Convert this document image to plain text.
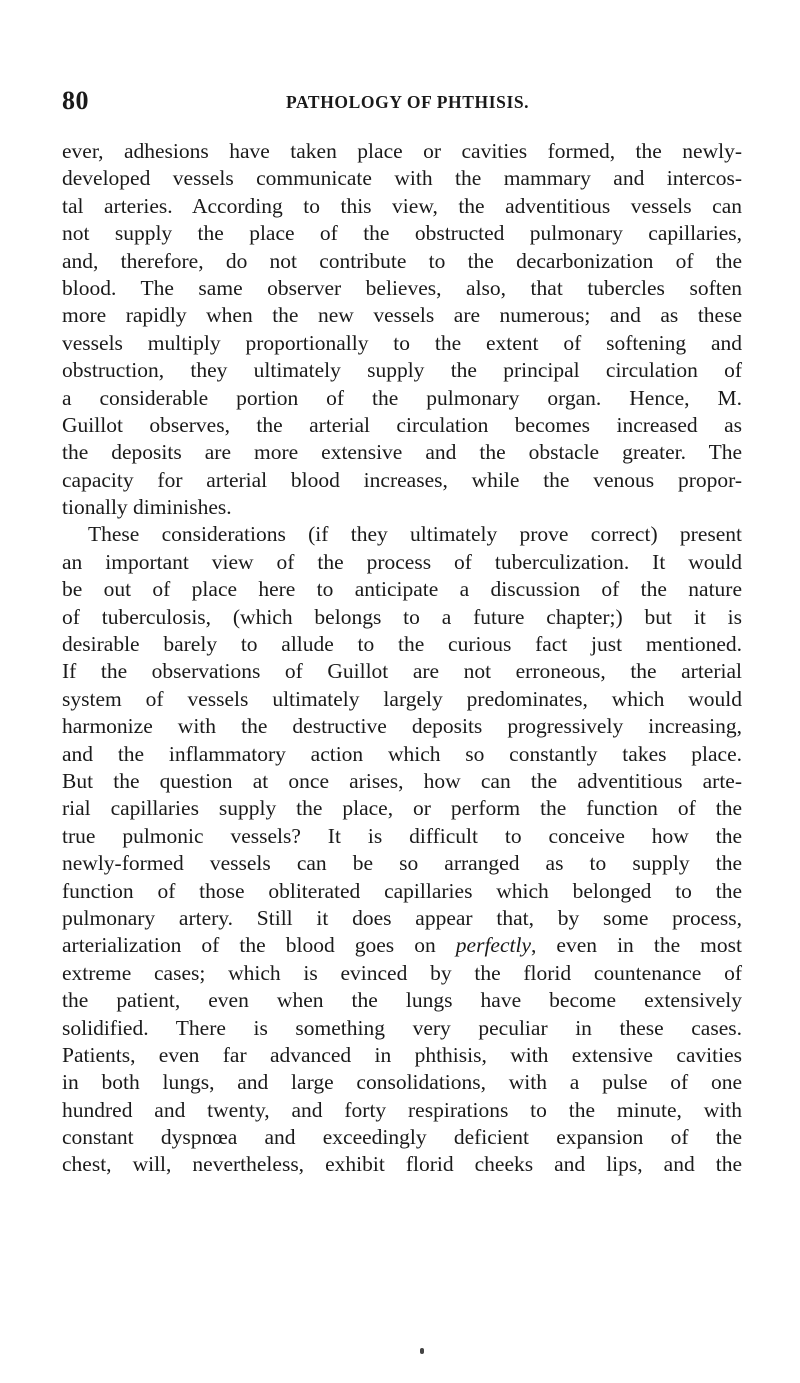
80	PATHOLOGY OF PHTHISIS.
ever, adhesions have taken place or cavities formed, the newly-
developed vessels communicate with the mammary and intercos-
tal arteries. According to this view, the adventitious vessels can
not supply the place of the obstructed pulmonary capillaries,
and, therefore, do not contribute to the decarbonization of the
blood. The same observer believes, also, that tubercles soften
more rapidly when the new vessels are numerous; and as these
vessels multiply proportionally to the extent of softening and
obstruction, they ultimately supply the principal circulation of
a considerable portion of the pulmonary organ. Hence, M.
Guillot observes, the arterial circulation becomes increased as
the deposits are more extensive and the obstacle greater. The
capacity for arterial blood increases, while the venous propor-
tionally diminishes.
These considerations (if they ultimately prove correct) present
an important view of the process of tuberculization. It would
be out of place here to anticipate a discussion of the nature
of tuberculosis, (which belongs to a future chapter;) but it is
desirable barely to allude to the curious fact just mentioned.
If the observations of Guillot are not erroneous, the arterial
system of vessels ultimately largely predominates, which would
harmonize with the destructive deposits progressively increasing,
and the inflammatory action which so constantly takes place.
But the question at once arises, how can the adventitious arte-
rial capillaries supply the place, or perform the function of the
true pulmonic vessels? It is difficult to conceive how the
newly-formed vessels can be so arranged as to supply the
function of those obliterated capillaries which belonged to the
pulmonary artery. Still it does appear that, by some process,
arterialization of the blood goes on perfectly, even in the most
extreme cases; which is evinced by the florid countenance of
the patient, even when the lungs have become extensively
solidified. There is something very peculiar in these cases.
Patients, even far advanced in phthisis, with extensive cavities
in both lungs, and large consolidations, with a pulse of one
hundred and twenty, and forty respirations to the minute, with
constant dyspnœa and exceedingly deficient expansion of the
chest, will, nevertheless, exhibit florid cheeks and lips, and the
